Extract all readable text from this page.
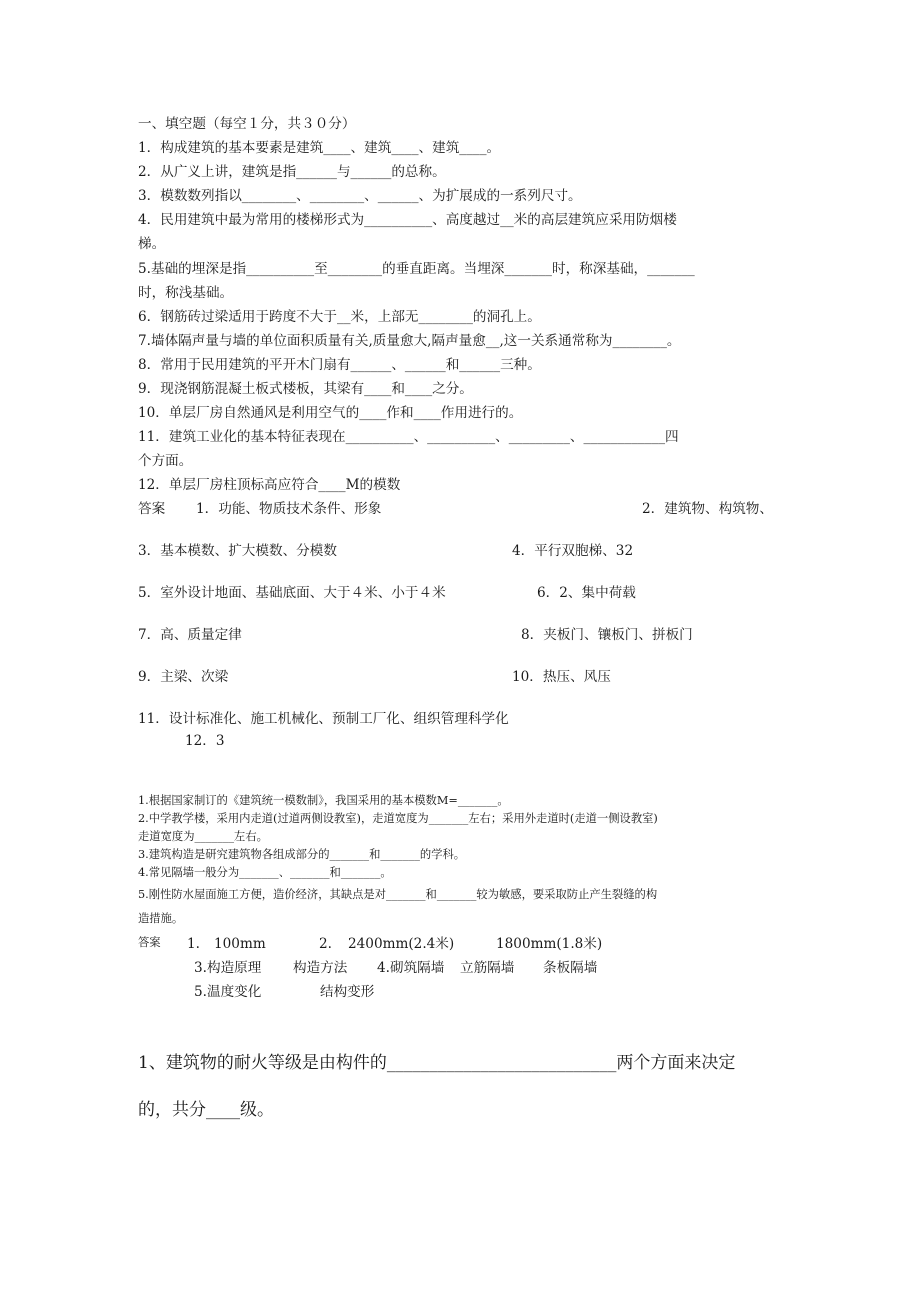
一、填空题（每空１分，共３０分）
1．构成建筑的基本要素是建筑____、建筑____、建筑____。
2．从广义上讲，建筑是指______与______的总称。
3．模数数列指以________、________、______、为扩展成的一系列尺寸。
4．民用建筑中最为常用的楼梯形式为__________、高度越过__米的高层建筑应采用防烟楼
梯。
5.基础的埋深是指__________至________的垂直距离。当埋深_______时，称深基础，_______
时，称浅基础。
6．钢筋砖过梁适用于跨度不大于__米，上部无________的洞孔上。
7.墙体隔声量与墙的单位面积质量有关,质量愈大,隔声量愈__,这一关系通常称为________。
8．常用于民用建筑的平开木门扇有______、______和______三种。
9．现浇钢筋混凝土板式楼板，其梁有____和____之分。
10．单层厂房自然通风是利用空气的____作和____作用进行的。
11．建筑工业化的基本特征表现在__________、__________、_________、____________四
个方面。
12．单层厂房柱顶标高应符合____M的模数
答案 1．功能、物质技术条件、形象	2．建筑物、构筑物、
3．基本模数、扩大模数、分模数	4．平行双胞梯、32
5．室外设计地面、基础底面、大于４米、小于４米	6．2、集中荷载
7．高、质量定律	8．夹板门、镶板门、拼板门
9．主梁、次梁	10．热压、风压
11．设计标准化、施工机械化、预制工厂化、组织管理科学化
12．3
1.根据国家制订的《建筑统一模数制》，我国采用的基本模数M=_______。
2.中学教学楼，采用内走道(过道两侧设教室)，走道宽度为_______左右；采用外走道时(走道一侧设教室)
走道宽度为_______左右。
3.建筑构造是研究建筑物各组成部分的_______和_______的学科。
4.常见隔墙一般分为_______、_______和_______。
5.刚性防水屋面施工方便，造价经济，其缺点是对_______和_______较为敏感，要采取防止产生裂缝的构
造措施。
答案 1. 100mm	2. 2400mm(2.4米)	1800mm(1.8米)
3.构造原理 构造方法 4.砌筑隔墙 立筋隔墙 条板隔墙
5.温度变化	结构变形
1、建筑物的耐火等级是由构件的___________________________两个方面来决定
的，共分____级。
